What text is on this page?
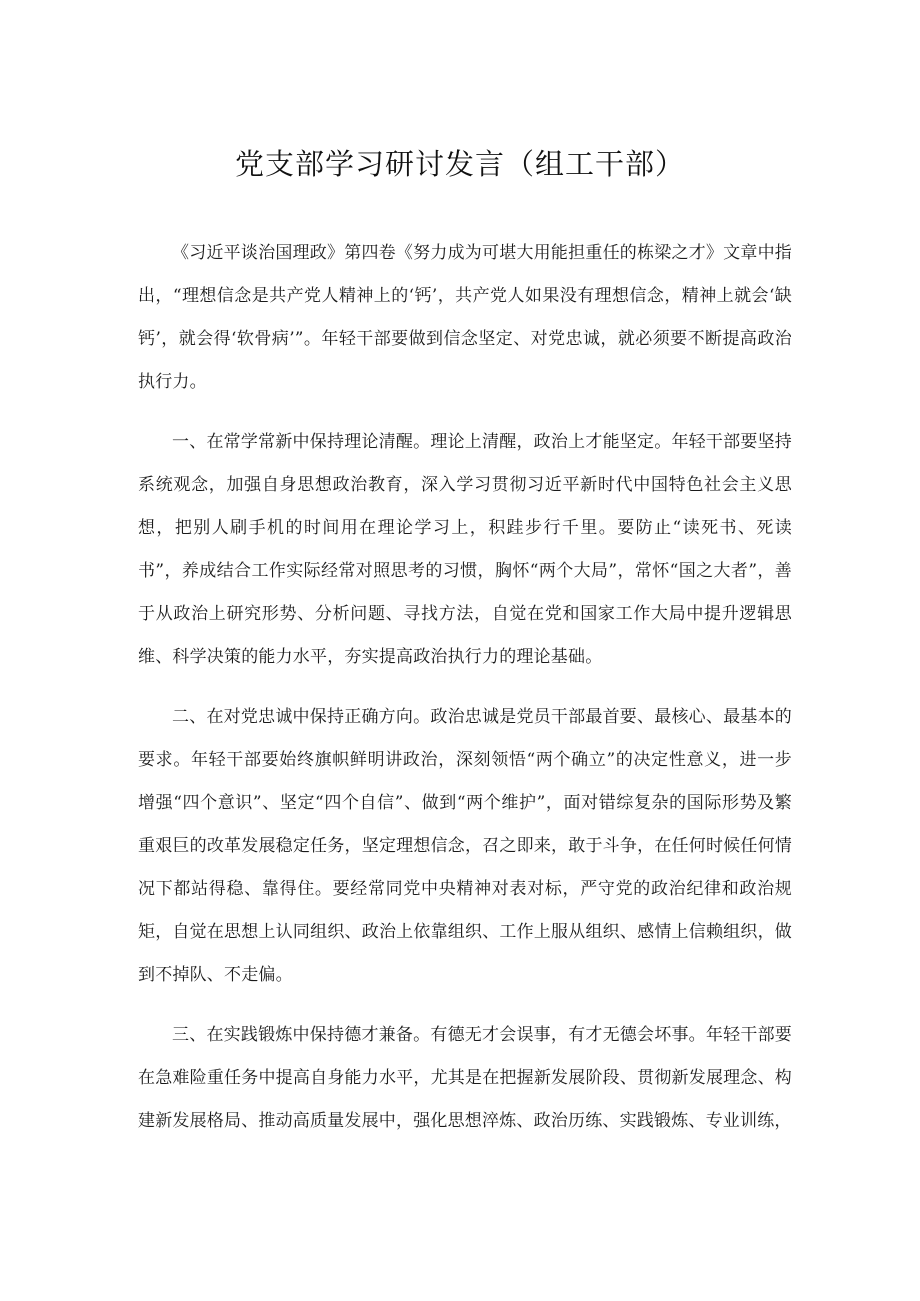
党支部学习研讨发言（组工干部）

《习近平谈治国理政》第四卷《努力成为可堪大用能担重任的栋梁之才》文章中指出，“理想信念是共产党人精神上的‘钙’，共产党人如果没有理想信念，精神上就会‘缺钙’，就会得‘软骨病’”。年轻干部要做到信念坚定、对党忠诚，就必须要不断提高政治执行力。

一、在常学常新中保持理论清醒。理论上清醒，政治上才能坚定。年轻干部要坚持系统观念，加强自身思想政治教育，深入学习贯彻习近平新时代中国特色社会主义思想，把别人刷手机的时间用在理论学习上，积跬步行千里。要防止“读死书、死读书”，养成结合工作实际经常对照思考的习惯，胸怀“两个大局”，常怀“国之大者”，善于从政治上研究形势、分析问题、寻找方法，自觉在党和国家工作大局中提升逻辑思维、科学决策的能力水平，夯实提高政治执行力的理论基础。

二、在对党忠诚中保持正确方向。政治忠诚是党员干部最首要、最核心、最基本的要求。年轻干部要始终旗帜鲜明讲政治，深刻领悟“两个确立”的决定性意义，进一步增强“四个意识”、坚定“四个自信”、做到“两个维护”，面对错综复杂的国际形势及繁重艰巨的改革发展稳定任务，坚定理想信念，召之即来，敢于斗争，在任何时候任何情况下都站得稳、靠得住。要经常同党中央精神对表对标，严守党的政治纪律和政治规矩，自觉在思想上认同组织、政治上依靠组织、工作上服从组织、感情上信赖组织，做到不掉队、不走偏。

三、在实践锻炼中保持德才兼备。有德无才会误事，有才无德会坏事。年轻干部要在急难险重任务中提高自身能力水平，尤其是在把握新发展阶段、贯彻新发展理念、构建新发展格局、推动高质量发展中，强化思想淬炼、政治历练、实践锻炼、专业训练，
